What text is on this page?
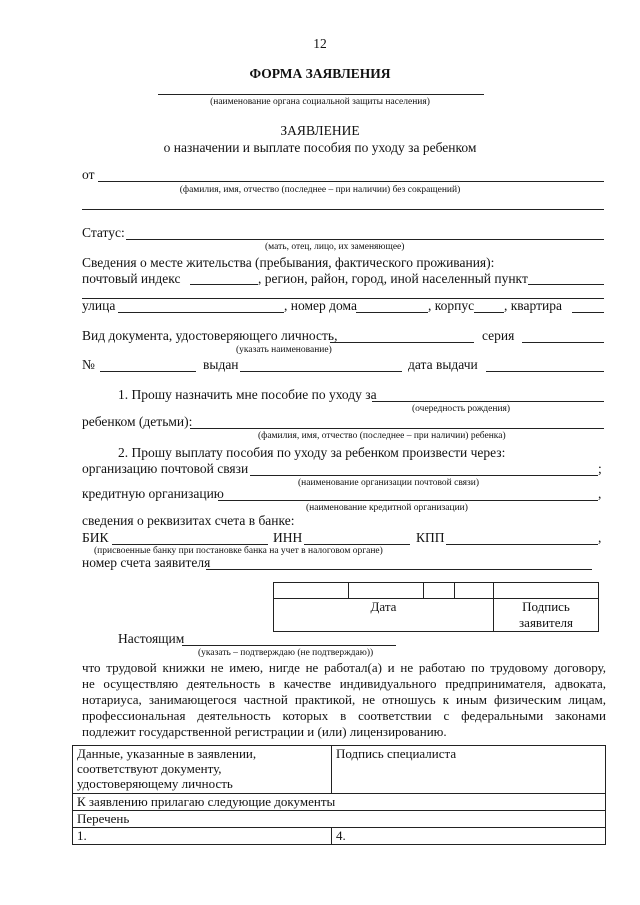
12
ФОРМА ЗАЯВЛЕНИЯ
(наименование органа социальной защиты населения)
ЗАЯВЛЕНИЕ
о назначении и выплате пособия по уходу за ребенком
от
(фамилия, имя, отчество (последнее – при наличии) без сокращений)
Статус:
(мать, отец, лицо, их заменяющее)
Сведения о месте жительства (пребывания, фактического проживания):
почтовый индекс	, регион, район, город, иной населенный пункт
улица	, номер дома	, корпус , квартира
Вид документа, удостоверяющего личность,	серия
(указать наименование)
№	выдан	дата выдачи
1. Прошу назначить мне пособие по уходу за
(очередность рождения)
ребенком (детьми):
(фамилия, имя, отчество (последнее – при наличии) ребенка)
2. Прошу выплату пособия по уходу за ребенком произвести через:
организацию почтовой связи	;
(наименование организации почтовой связи)
кредитную организацию	,
(наименование кредитной организации)
сведения о реквизитах счета в банке:
БИК	ИНН	КПП	,
(присвоенные банку при постановке банка на учет в налоговом органе)
номер счета заявителя

Дата				Подпись заявителя
Настоящим
(указать – подтверждаю (не подтверждаю))
что трудовой книжки не имею, нигде не работал(а) и не работаю по трудовому договору,
не осуществляю деятельность в качестве индивидуального предпринимателя, адвоката,
нотариуса, занимающегося частной практикой, не отношусь к иным физическим лицам,
профессиональная деятельность которых в соответствии с федеральными законами
подлежит государственной регистрации и (или) лицензированию.
Данные, указанные в заявлении,
соответствуют документу,
удостоверяющему личность	Подпись специалиста
К заявлению прилагаю следующие документы	
Перечень	
1.	4.
